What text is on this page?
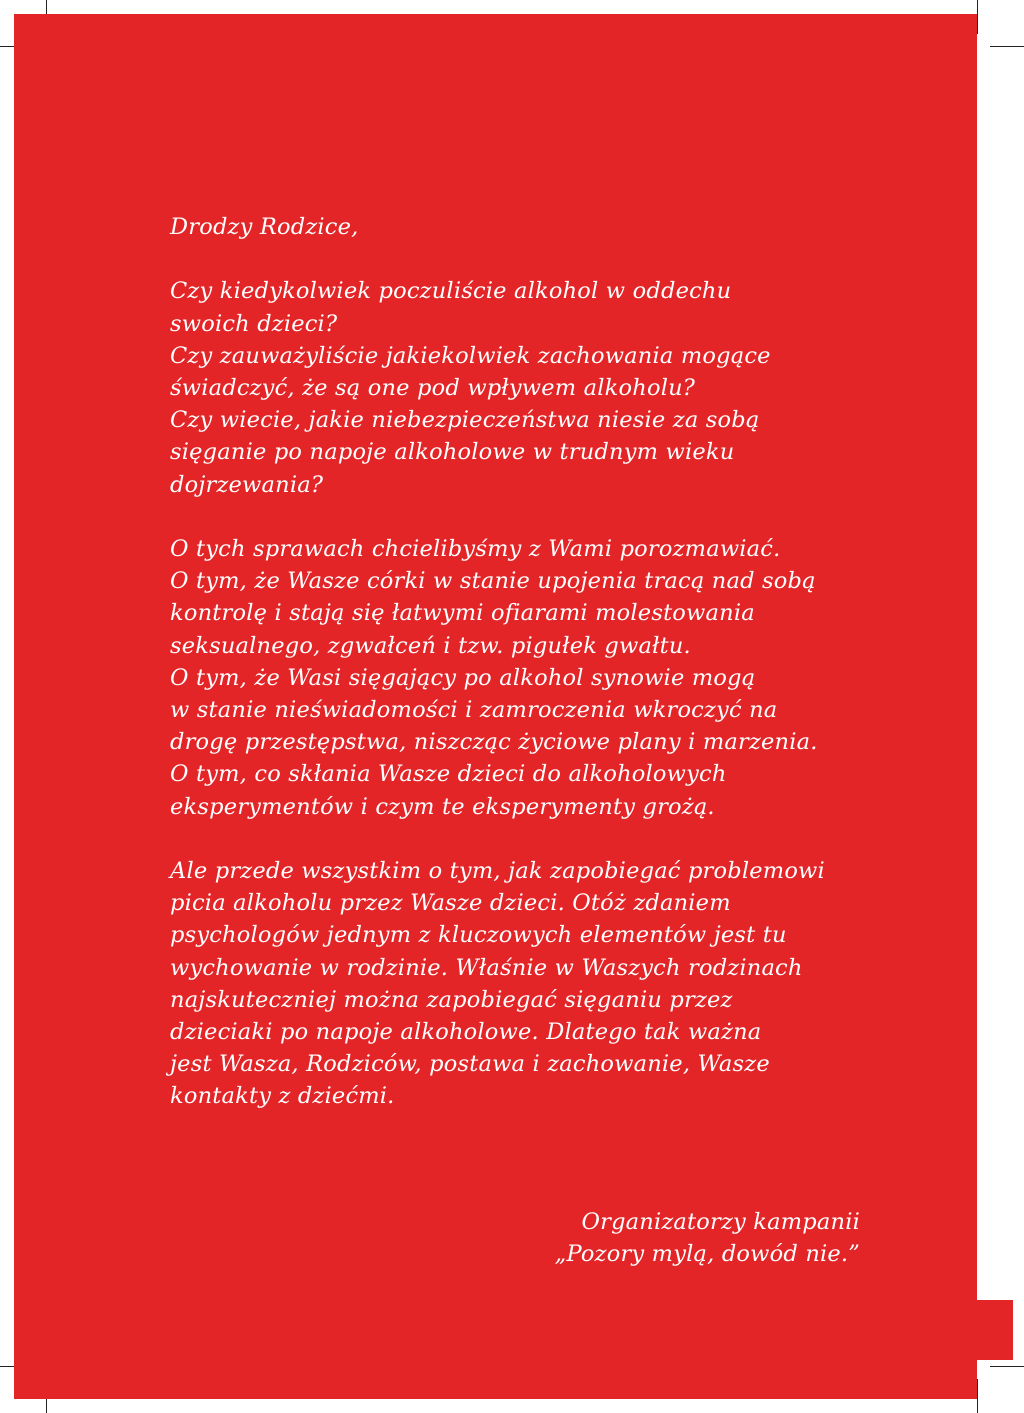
Drodzy Rodzice,
Czy kiedykolwiek poczuliście alkohol w oddechu
swoich dzieci?
Czy zauważyliście jakiekolwiek zachowania mogące
świadczyć, że są one pod wpływem alkoholu?
Czy wiecie, jakie niebezpieczeństwa niesie za sobą
sięganie po napoje alkoholowe w trudnym wieku
dojrzewania?
O tych sprawach chcielibyśmy z Wami porozmawiać.
O tym, że Wasze córki w stanie upojenia tracą nad sobą
kontrolę i stają się łatwymi ofiarami molestowania
seksualnego, zgwałceń i tzw. pigułek gwałtu.
O tym, że Wasi sięgający po alkohol synowie mogą
w stanie nieświadomości i zamroczenia wkroczyć na
drogę przestępstwa, niszcząc życiowe plany i marzenia.
O tym, co skłania Wasze dzieci do alkoholowych
eksperymentów i czym te eksperymenty grożą.
Ale przede wszystkim o tym, jak zapobiegać problemowi
picia alkoholu przez Wasze dzieci. Otóż zdaniem
psychologów jednym z kluczowych elementów jest tu
wychowanie w rodzinie. Właśnie w Waszych rodzinach
najskuteczniej można zapobiegać sięganiu przez
dzieciaki po napoje alkoholowe. Dlatego tak ważna
jest Wasza, Rodziców, postawa i zachowanie, Wasze
kontakty z dziećmi.
Organizatorzy kampanii
„Pozory mylą, dowód nie.”
